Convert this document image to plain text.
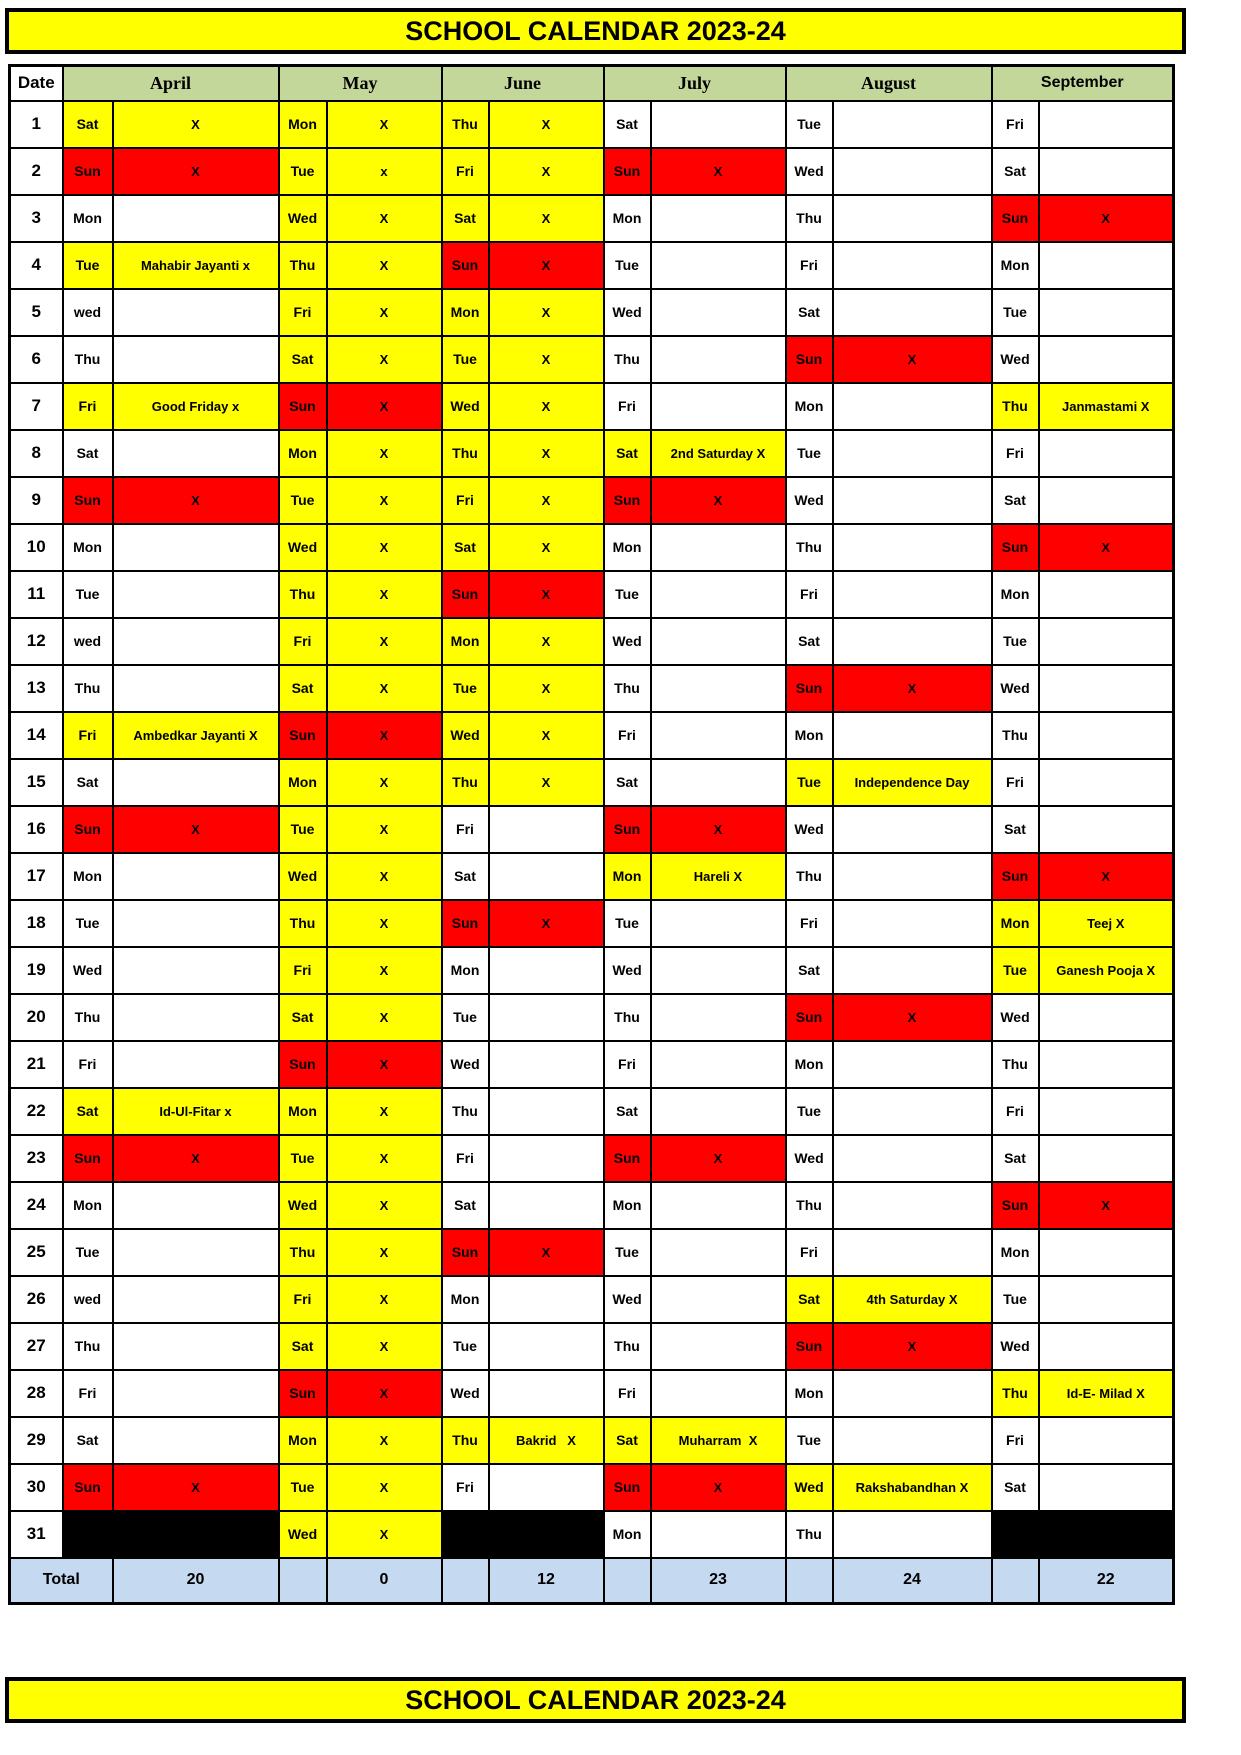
SCHOOL CALENDAR 2023-24
Date	April		May		June		July		August		September	
1	Sat	X	Mon	X	Thu	X	Sat		Tue		Fri	
2	Sun	X	Tue	x	Fri	X	Sun	X	Wed		Sat	
3	Mon		Wed	X	Sat	X	Mon		Thu		Sun	X
4	Tue	Mahabir Jayanti x	Thu	X	Sun	X	Tue		Fri		Mon	
5	wed		Fri	X	Mon	X	Wed		Sat		Tue	
6	Thu		Sat	X	Tue	X	Thu		Sun	X	Wed	
7	Fri	Good Friday x	Sun	X	Wed	X	Fri		Mon		Thu	Janmastami X
8	Sat		Mon	X	Thu	X	Sat	2nd Saturday X	Tue		Fri	
9	Sun	X	Tue	X	Fri	X	Sun	X	Wed		Sat	
10	Mon		Wed	X	Sat	X	Mon		Thu		Sun	X
11	Tue		Thu	X	Sun	X	Tue		Fri		Mon	
12	wed		Fri	X	Mon	X	Wed		Sat		Tue	
13	Thu		Sat	X	Tue	X	Thu		Sun	X	Wed	
14	Fri	Ambedkar Jayanti X	Sun	X	Wed	X	Fri		Mon		Thu	
15	Sat		Mon	X	Thu	X	Sat		Tue	Independence Day	Fri	
16	Sun	X	Tue	X	Fri		Sun	X	Wed		Sat	
17	Mon		Wed	X	Sat		Mon	Hareli X	Thu		Sun	X
18	Tue		Thu	X	Sun	X	Tue		Fri		Mon	Teej X
19	Wed		Fri	X	Mon		Wed		Sat		Tue	Ganesh Pooja X
20	Thu		Sat	X	Tue		Thu		Sun	X	Wed	
21	Fri		Sun	X	Wed		Fri		Mon		Thu	
22	Sat	Id-Ul-Fitar x	Mon	X	Thu		Sat		Tue		Fri	
23	Sun	X	Tue	X	Fri		Sun	X	Wed		Sat	
24	Mon		Wed	X	Sat		Mon		Thu		Sun	X
25	Tue		Thu	X	Sun	X	Tue		Fri		Mon	
26	wed		Fri	X	Mon		Wed		Sat	4th Saturday X	Tue	
27	Thu		Sat	X	Tue		Thu		Sun	X	Wed	
28	Fri		Sun	X	Wed		Fri		Mon		Thu	Id-E- Milad X
29	Sat		Mon	X	Thu	Bakrid   X	Sat	Muharram  X	Tue		Fri	
30	Sun	X	Tue	X	Fri		Sun	X	Wed	Rakshabandhan X	Sat	
31			Wed	X			Mon		Thu			
Total		20		0		12		23		24		22
SCHOOL CALENDAR 2023-24
